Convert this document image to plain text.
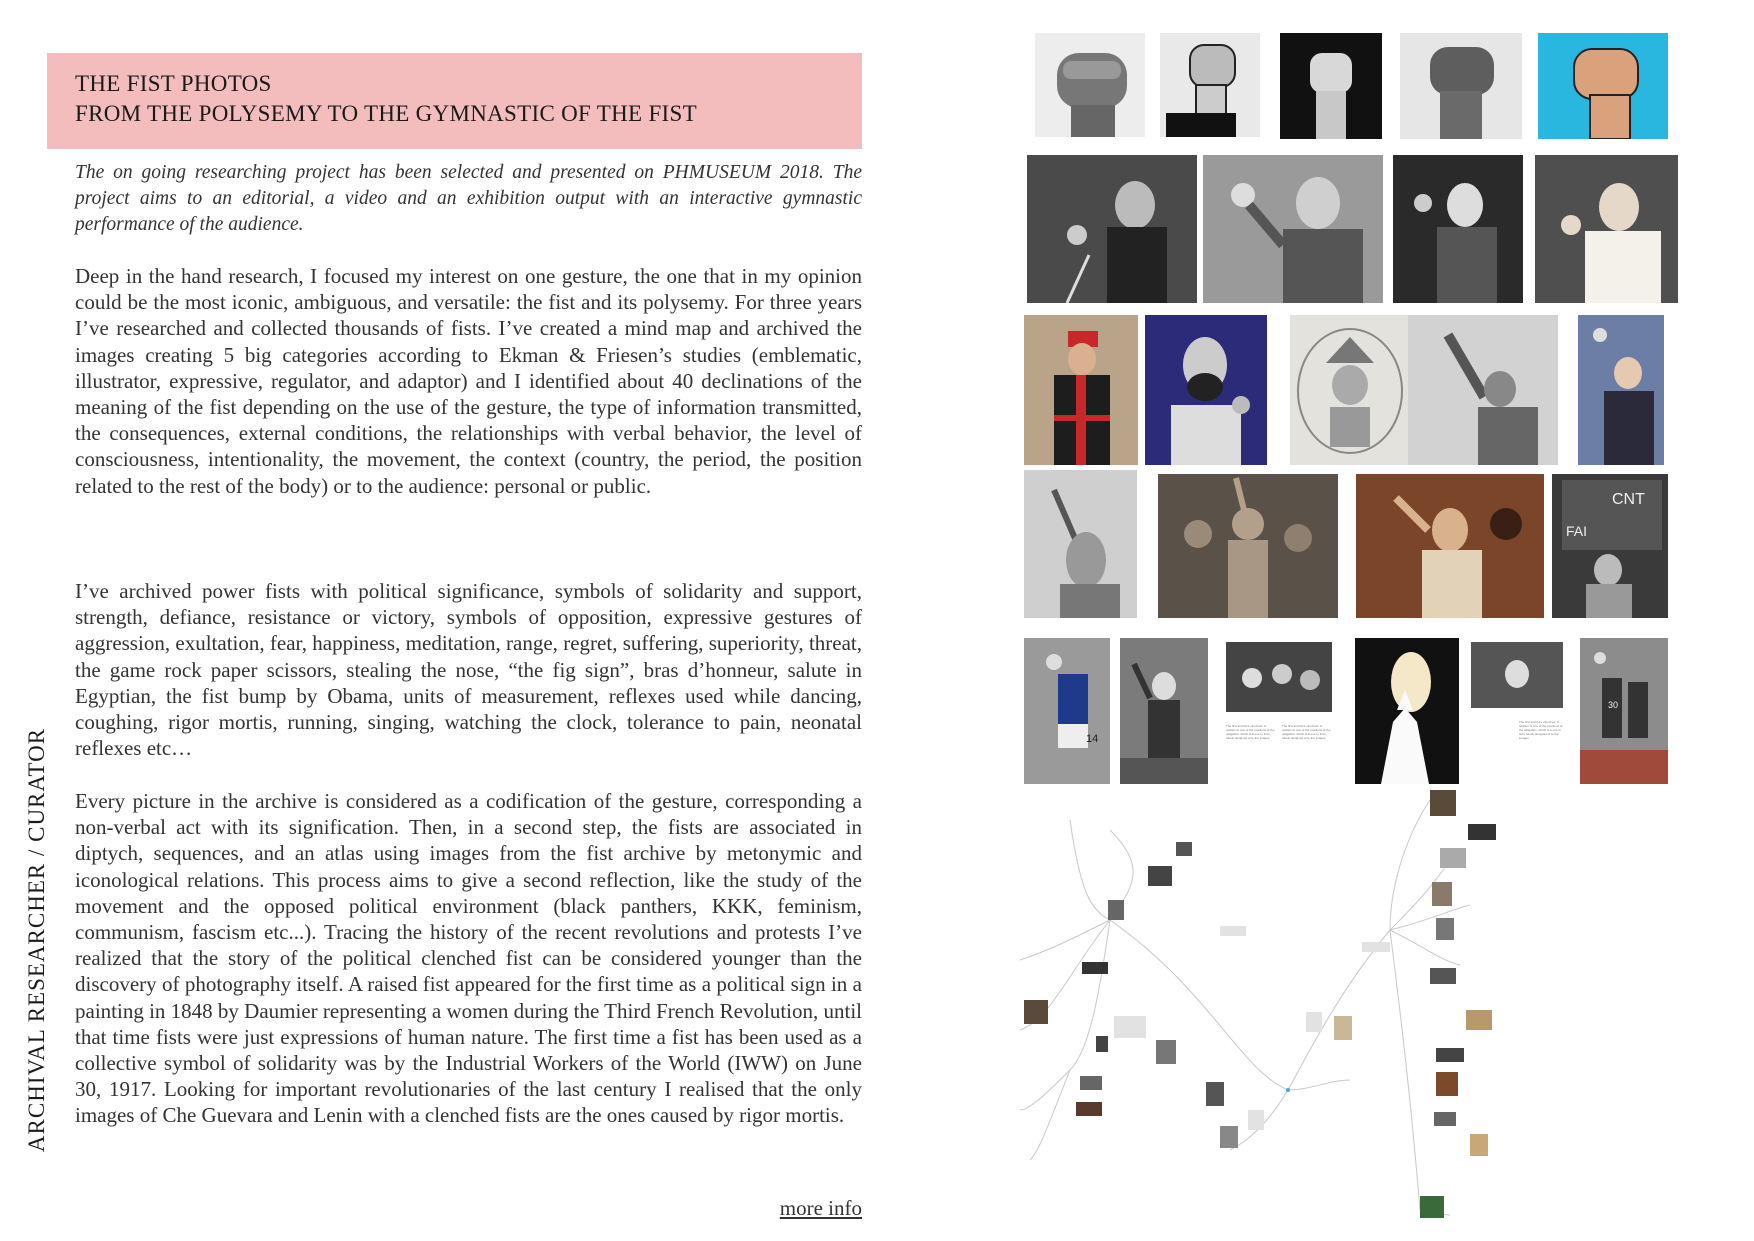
ARCHIVAL RESEARCHER / CURATOR
THE FIST PHOTOS
FROM THE POLYSEMY TO THE GYMNASTIC OF THE FIST
The on going researching project has been selected and presented on PHMUSEUM 2018. The project aims to an editorial, a video and an exhibition output with an interactive gymnastic performance of the audience.
Deep in the hand research, I focused my interest on one gesture, the one that in my opinion could be the most iconic, ambiguous, and versatile: the fist and its polysemy. For three years I’ve researched and collected thousands of fists. I’ve created a mind map and archived the images creating 5 big categories according to Ekman & Friesen’s studies (emblematic, illustrator, expressive, regulator, and adaptor) and I identified about 40 declinations of the meaning of the fist depending on the use of the gesture, the type of information transmitted, the consequences, external conditions, the relationships with verbal behavior, the level of consciousness, intentionality, the movement, the context (country, the period, the position related to the rest of the body) or to the audience: personal or public.
I’ve archived power fists with political significance, symbols of solidarity and support, strength, defiance, resistance or victory, symbols of opposition, expressive gestures of aggression, exultation, fear, happiness, meditation, range, regret, suffering, superiority, threat, the game rock paper scissors, stealing the nose, “the fig sign”, bras d’honneur, salute in Egyptian, the fist bump by Obama, units of measurement, reflexes used while dancing, coughing, rigor mortis, running, singing, watching the clock, tolerance to pain, neonatal reflexes etc…
Every picture in the archive is considered as a codification of the gesture, corresponding a non-verbal act with its signification. Then, in a second step, the fists are associated in diptych, sequences, and an atlas using images from the fist archive by metonymic and iconological relations. This process aims to give a second reflection, like the study of the movement and the opposed political environment (black panthers, KKK, feminism, communism, fascism etc...). Tracing the history of the recent revolutions and protests I’ve realized that the story of the political clenched fist can be considered younger than the discovery of photography itself. A raised fist appeared for the first time as a political sign in a painting in 1848 by Daumier representing a women during the Third French Revolution, until that time fists were just expressions of human nature. The first time a fist has been used as a collective symbol of solidarity was by the Industrial Workers of the World (IWW) on June 30, 1917. Looking for important revolutionaries of the last century I realised that the only images of Che Guevara and Lenin with a clenched fists are the ones caused by rigor mortis.
more info
CNT
FAI
14
The first and fist's clenched, in relation to one of the positions of the obligation, which is a one to fist's hands designed of to the images
The first and fist's clenched, in relation to one of the positions of the obligation, which is a one to fist's hands designed of to the images
The first and fist's clenched, in relation to one of the positions of the obligation, which is a one to fist's hands designed of to the images
30
